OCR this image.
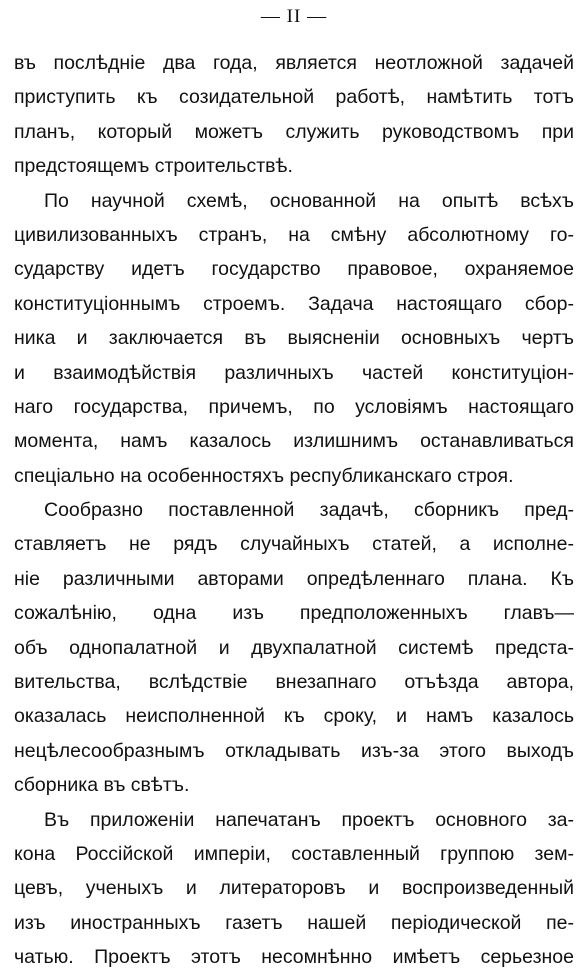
— II —
въ послѣдніе два года, является неотложной задачей
приступить къ созидательной работѣ, намѣтить тотъ
планъ, который можетъ служить руководствомъ при
предстоящемъ строительствѣ.
По научной схемѣ, основанной на опытѣ всѣхъ
цивилизованныхъ странъ, на смѣну абсолютному го-
сударству идетъ государство правовое, охраняемое
конституціоннымъ строемъ. Задача настоящаго сбор-
ника и заключается въ выясненіи основныхъ чертъ
и взаимодѣйствія различныхъ частей конституціон-
наго государства, причемъ, по условіямъ настоящаго
момента, намъ казалось излишнимъ останавливаться
спеціально на особенностяхъ республиканскаго строя.
Сообразно поставленной задачѣ, сборникъ пред-
ставляетъ не рядъ случайныхъ статей, а исполне-
ніе различными авторами опредѣленнаго плана. Къ
сожалѣнію, одна изъ предположенныхъ главъ—
объ однопалатной и двухпалатной системѣ предста-
вительства, вслѣдствіе внезапнаго отъѣзда автора,
оказалась неисполненной къ сроку, и намъ казалось
нецѣлесообразнымъ откладывать изъ-за этого выходъ
сборника въ свѣтъ.
Въ приложеніи напечатанъ проектъ основного за-
кона Россійской имперіи, составленный группою зем-
цевъ, ученыхъ и литераторовъ и воспроизведенный
изъ иностранныхъ газетъ нашей періодической пе-
чатью. Проектъ этотъ несомнѣнно имѣетъ серьезное
